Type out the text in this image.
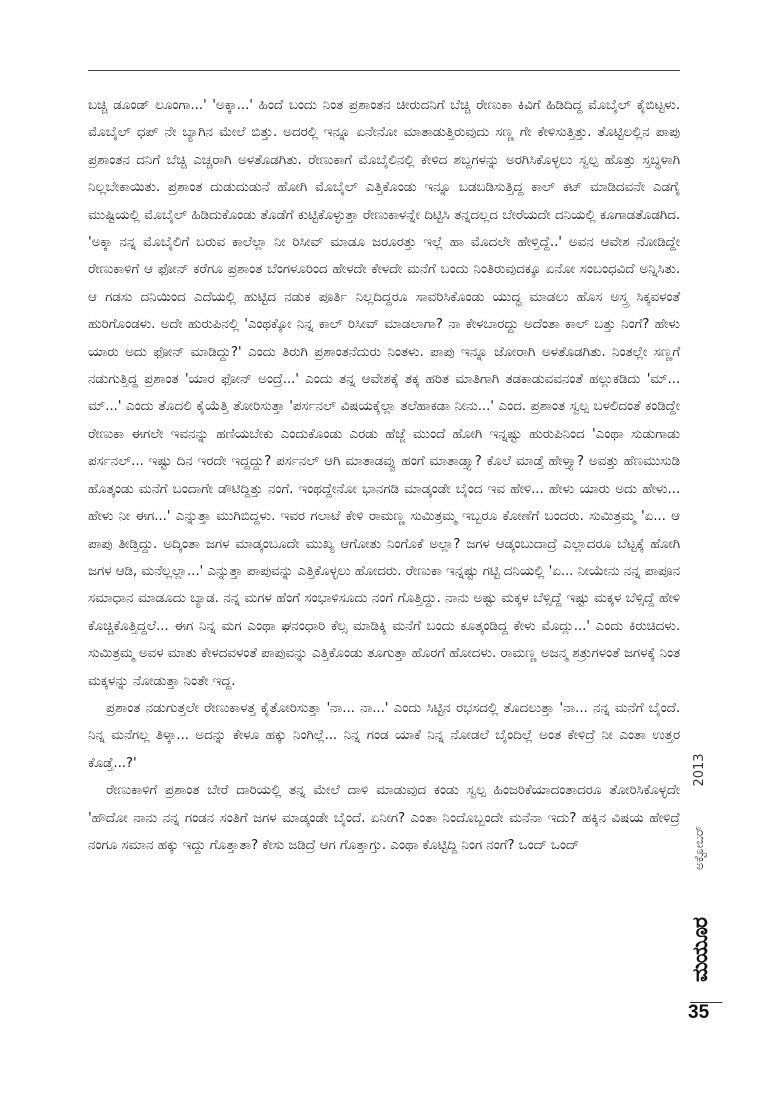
ಬಚ್ಚಿ ಡೂಂಡ್ ಲೂಂಗಾ...' 'ಅಕ್ಕಾ...' ಹಿಂದೆ ಬಂದು ನಿಂತ ಪ್ರಶಾಂತನ ಚೀರುದನಿಗೆ ಬೆಚ್ಚಿ ರೇಣುಕಾ ಕಿವಿಗೆ ಹಿಡಿದಿದ್ದ ಮೊಬೈಲ್ ಕೈಬಿಟ್ಟಳು. ಮೊಬೈಲ್ ಧಪ್ ನೇ ಬ್ಯಾಗಿನ ಮೇಲೆ ಬಿತ್ತು. ಅದರಲ್ಲಿ ಇನ್ನೂ ಏನೇನೋ ಮಾತಾಡುತ್ತಿರುವುದು ಸಣ್ಣ ಗೇ ಕೇಳಿಸುತ್ತಿತ್ತು. ತೊಟ್ಟಿಲಲ್ಲಿನ ಪಾಪು ಪ್ರಶಾಂತನ ದನಿಗೆ ಬೆಚ್ಚಿ ಎಚ್ಚರಾಗಿ ಅಳತೊಡಗಿತು. ರೇಣುಕಾಗೆ ಮೊಬೈಲಿನಲ್ಲಿ ಕೇಳಿದ ಶಬ್ದಗಳನ್ನು ಅರಗಿಸಿಕೊಳ್ಳಲು ಸ್ವಲ್ಪ ಹೊತ್ತು ಸ್ತಬ್ಧಳಾಗಿ ನಿಲ್ಲಬೇಕಾಯಿತು. ಪ್ರಶಾಂತ ದುಡುದುಡುನೆ ಹೋಗಿ ಮೊಬೈಲ್ ಎತ್ತಿಕೊಂಡು ಇನ್ನೂ ಬಡಬಡಿಸುತ್ತಿದ್ದ ಕಾಲ್ ಕಟ್ ಮಾಡಿದವನೇ ಎಡಗೈ ಮುಷ್ಟಿಯಲ್ಲಿ ಮೊಬೈಲ್ ಹಿಡಿದುಕೊಂಡು ತೊಡೆಗೆ ಕುಟ್ಟಿಕೊಳ್ಳುತ್ತಾ ರೇಣುಕಾಳನ್ನೇ ದಿಟ್ಟಿಸಿ ತನ್ನದಲ್ಲದ ಬೇರೆಯದೇ ದನಿಯಲ್ಲಿ ಕೂಗಾಡತೊಡಗಿದ. 'ಅಕ್ಕಾ ನನ್ನ ಮೊಬೈಲಿಗೆ ಬರುವ ಕಾಲೆಲ್ಲಾ ನೀ ರಿಸೀವ್ ಮಾಡೂ ಜರೂರತ್ತು ಇಲ್ಲೆ ಹಾ ಮೊದಲೇ ಹೇಳ್ತಿದ್ದೆ..' ಅವನ ಆವೇಶ ನೋಡಿದ್ದೇ ರೇಣುಕಾಳಿಗೆ ಆ ಫೋನ್ ಕರೆಗೂ ಪ್ರಶಾಂತ ಬೆಂಗಳೂರಿಂದ ಹೇಳದೇ ಕೇಳದೇ ಮನೆಗೆ ಬಂದು ನಿಂತಿರುವುದಕ್ಕೂ ಏನೋ ಸಂಬಂಧವಿದೆ ಅನ್ನಿಸಿತು. ಆ ಗಡಸು ದನಿಯಿಂದ ಎದೆಯಲ್ಲಿ ಹುಟ್ಟಿದ ನಡುಕ ಪೂರ್ತಿ ನಿಲ್ಲದಿದ್ದರೂ ಸಾವರಿಸಿಕೊಂಡು ಯುದ್ಧ ಮಾಡಲು ಹೊಸ ಅಸ್ತ್ರ ಸಿಕ್ಕವಳಂತೆ ಹುರಿಗೊಂಡಳು. ಅದೇ ಹುರುಪಿನಲ್ಲಿ 'ಎಂಥಕ್ಕೋ ನಿನ್ನ ಕಾಲ್ ರಿಸೀವ್ ಮಾಡಲಾಗಾ? ನಾ ಕೇಳಬಾರದ್ದು ಅದೆಂತಾ ಕಾಲ್ ಬತ್ತು ನಿಂಗೆ? ಹೇಳು ಯಾರು ಅದು ಫೋನ್ ಮಾಡಿದ್ದು?' ಎಂದು ತಿರುಗಿ ಪ್ರಶಾಂತನೆದುರು ನಿಂತಳು. ಪಾಪು ಇನ್ನೂ ಜೋರಾಗಿ ಅಳತೊಡಗಿತು. ನಿಂತಲ್ಲೇ ಸಣ್ಣಗೆ ನಡುಗುತ್ತಿದ್ದ ಪ್ರಶಾಂತ 'ಯಾರ ಫೋನ್ ಅಂದ್ರೆ...' ಎಂದು ತನ್ನ ಆವೇಶಕ್ಕೆ ತಕ್ಕ ಹರಿತ ಮಾತಿಗಾಗಿ ತಡಕಾಡುವವನಂತೆ ಹಲ್ಲುಕಡಿದು 'ಮ್... ಮ್...' ಎಂದು ತೊದಲಿ ಕೈಯೆತ್ತಿ ತೋರಿಸುತ್ತಾ 'ಪರ್ಸನಲ್ ವಿಷಯಕ್ಕೆಲ್ಲಾ ತಲೆಹಾಕಡಾ ನೀನು...' ಎಂದ. ಪ್ರಶಾಂತ ಸ್ವಲ್ಪ ಬಳಲಿದಂತೆ ಕಂಡಿದ್ದೇ ರೇಣುಕಾ ಈಗಲೇ ಇವನನ್ನು ಹಣಿಯಬೇಕು ಎಂದುಕೊಂಡು ಎರಡು ಹೆಜ್ಜೆ ಮುಂದೆ ಹೋಗಿ ಇನ್ನಷ್ಟು ಹುರುಪಿನಿಂದ 'ಎಂಥಾ ಸುಡುಗಾಡು ಪರ್ಸನಲ್... ಇಷ್ಟು ದಿನ ಇರದೇ ಇದ್ದದ್ದು? ಪರ್ಸನಲ್ ಆಗಿ ಮಾತಾಡವ್ವು ಹಂಗೆ ಮಾತಾಡ್ತ್ಯಾ? ಕೊಲೆ ಮಾಡ್ತೆ ಹೇಳ್ತ್ಯಾ? ಅವತ್ತು ಹೆಣಮುಸುಡಿ ಹೊತ್ಕಂಡು ಮನೆಗೆ ಬಂದಾಗೇ ಡೌಟಿದ್ದಿತ್ತು ನಂಗೆ. ಇಂಥದ್ದೇನೋ ಭಾನಗಡಿ ಮಾಡ್ಕಂಡೇ ಬೈಂದ ಇವ ಹೇಳಿ... ಹೇಳು ಯಾರು ಅದು ಹೇಳು... ಹೇಳು ನೀ ಈಗ...' ಎನ್ನುತ್ತಾ ಮುಗಿಬಿದ್ದಳು. ಇವರ ಗಲಾಟೆ ಕೇಳಿ ರಾಮಣ್ಣ ಸುಮಿತ್ರಮ್ಮ ಇಬ್ಬರೂ ಕೋಣೆಗೆ ಬಂದರು. ಸುಮಿತ್ರಮ್ಮ 'ಏ... ಆ ಪಾಪು ತೀಡ್ತಿದ್ದು. ಅದ್ಕಿಂತಾ ಜಗಳ ಮಾಡ್ಕಂಬೂದೇ ಮುಖ್ಯ ಆಗೋತು ನಿಂಗೊಕೆ ಅಲ್ಲಾ? ಜಗಳ ಆಡ್ಕಂಬುದಾದ್ರೆ ಎಲ್ಲಾದರೂ ಬೆಟ್ಟಕ್ಕೆ ಹೋಗಿ ಜಗಳ ಆಡಿ, ಮನೆಲ್ಲಲ್ಲಾ...' ಎನ್ನುತ್ತಾ ಪಾಪುವನ್ನು ಎತ್ತಿಕೊಳ್ಳಲು ಹೋದರು. ರೇಣುಕಾ ಇನ್ನಷ್ಟು ಗಟ್ಟಿ ದನಿಯಲ್ಲಿ 'ಏ... ನೀಯೇನು ನನ್ನ ಪಾಪೂನ ಸಮಾಧಾನ ಮಾಡೂದು ಬ್ಯಾಡ. ನನ್ನ ಮಗಳ ಹೆಂಗೆ ಸಂಭಾಳಿಸೂದು ನಂಗೆ ಗೊತ್ತಿದ್ದು. ನಾನು ಅಷ್ಟು ಮಕ್ಕಳ ಬೆಳ್ಸಿದ್ದೆ ಇಷ್ಟು ಮಕ್ಕಳ ಬೆಳ್ಸಿದ್ದೆ ಹೇಳಿ ಕೊಚ್ಚಿಕೊತ್ತಿದ್ದಲೆ... ಈಗ ನಿನ್ನ ಮಗ ಎಂಥಾ ಘನಂಧಾರಿ ಕೆಲ್ಸ ಮಾಡಿಕ್ಕಿ ಮನೆಗೆ ಬಂದು ಕೂತ್ಕಂಡಿದ್ದ ಕೇಳು ಮೊದ್ಲು...' ಎಂದು ಕಿರುಚಿದಳು. ಸುಮಿತ್ರಮ್ಮ ಅವಳ ಮಾತು ಕೇಳದವಳಂತೆ ಪಾಪುವನ್ನು ಎತ್ತಿಕೊಂಡು ತೂಗುತ್ತಾ ಹೊರಗೆ ಹೋದಳು. ರಾಮಣ್ಣ ಅಜನ್ಮ ಶತ್ರುಗಳಂತೆ ಜಗಳಕ್ಕೆ ನಿಂತ ಮಕ್ಕಳನ್ನು ನೋಡುತ್ತಾ ನಿಂತೇ ಇದ್ದ.

ಪ್ರಶಾಂತ ನಡುಗುತ್ತಲೇ ರೇಣುಕಾಳತ್ತ ಕೈತೋರಿಸುತ್ತಾ 'ನಾ... ನಾ...' ಎಂದು ಸಿಟ್ಟಿನ ರಭಸದಲ್ಲಿ ತೊದಲುತ್ತಾ 'ನಾ... ನನ್ನ ಮನೆಗೆ ಬೈಂದೆ. ನಿನ್ನ ಮನೆಗಲ್ಲ ತಿಳ್ಕಾ... ಅದನ್ನು ಕೇಳೂ ಹಕ್ಕು ನಿಂಗಿಲ್ಲೆ... ನಿನ್ನ ಗಂಡ ಯಾಕೆ ನಿನ್ನ ನೋಡಲೆ ಬೈಂದಿಲ್ಲೆ ಅಂತ ಕೇಳಿದ್ರೆ ನೀ ಎಂತಾ ಉತ್ತರ ಕೊಡ್ತೆ...?'

ರೇಣುಕಾಳಿಗೆ ಪ್ರಶಾಂತ ಬೇರೆ ದಾರಿಯಲ್ಲಿ ತನ್ನ ಮೇಲೆ ದಾಳಿ ಮಾಡುವುದ ಕಂಡು ಸ್ವಲ್ಪ ಹಿಂಜರಿಕೆಯಾದಂತಾದರೂ ತೋರಿಸಿಕೊಳ್ಳದೇ 'ಹೌದೋ ನಾನು ನನ್ನ ಗಂಡನ ಸಂತಿಗೆ ಜಗಳ ಮಾಡ್ಕಂಡೇ ಬೈಂದೆ. ಏನೀಗ? ಎಂತಾ ನಿಂದೊಬ್ಬಂದೇ ಮನೆನಾ ಇದು? ಹಕ್ಕಿನ ವಿಷಯ ಹೇಳಿದ್ರೆ ನಂಗೂ ಸಮಾನ ಹಕ್ಕು ಇದ್ದು ಗೊತ್ತಾತಾ? ಕೇಸು ಜಡಿದ್ರೆ ಆಗ ಗೊತ್ತಾಗ್ತು. ಎಂಥಾ ಕೊಟ್ಟಿದ್ದಿ ನಿಂಗ ನಂಗೆ? ಒಂದ್ ಒಂದ್

2013
ಅಕ್ಟೋಬರ್
ಮಯೂರ
35
